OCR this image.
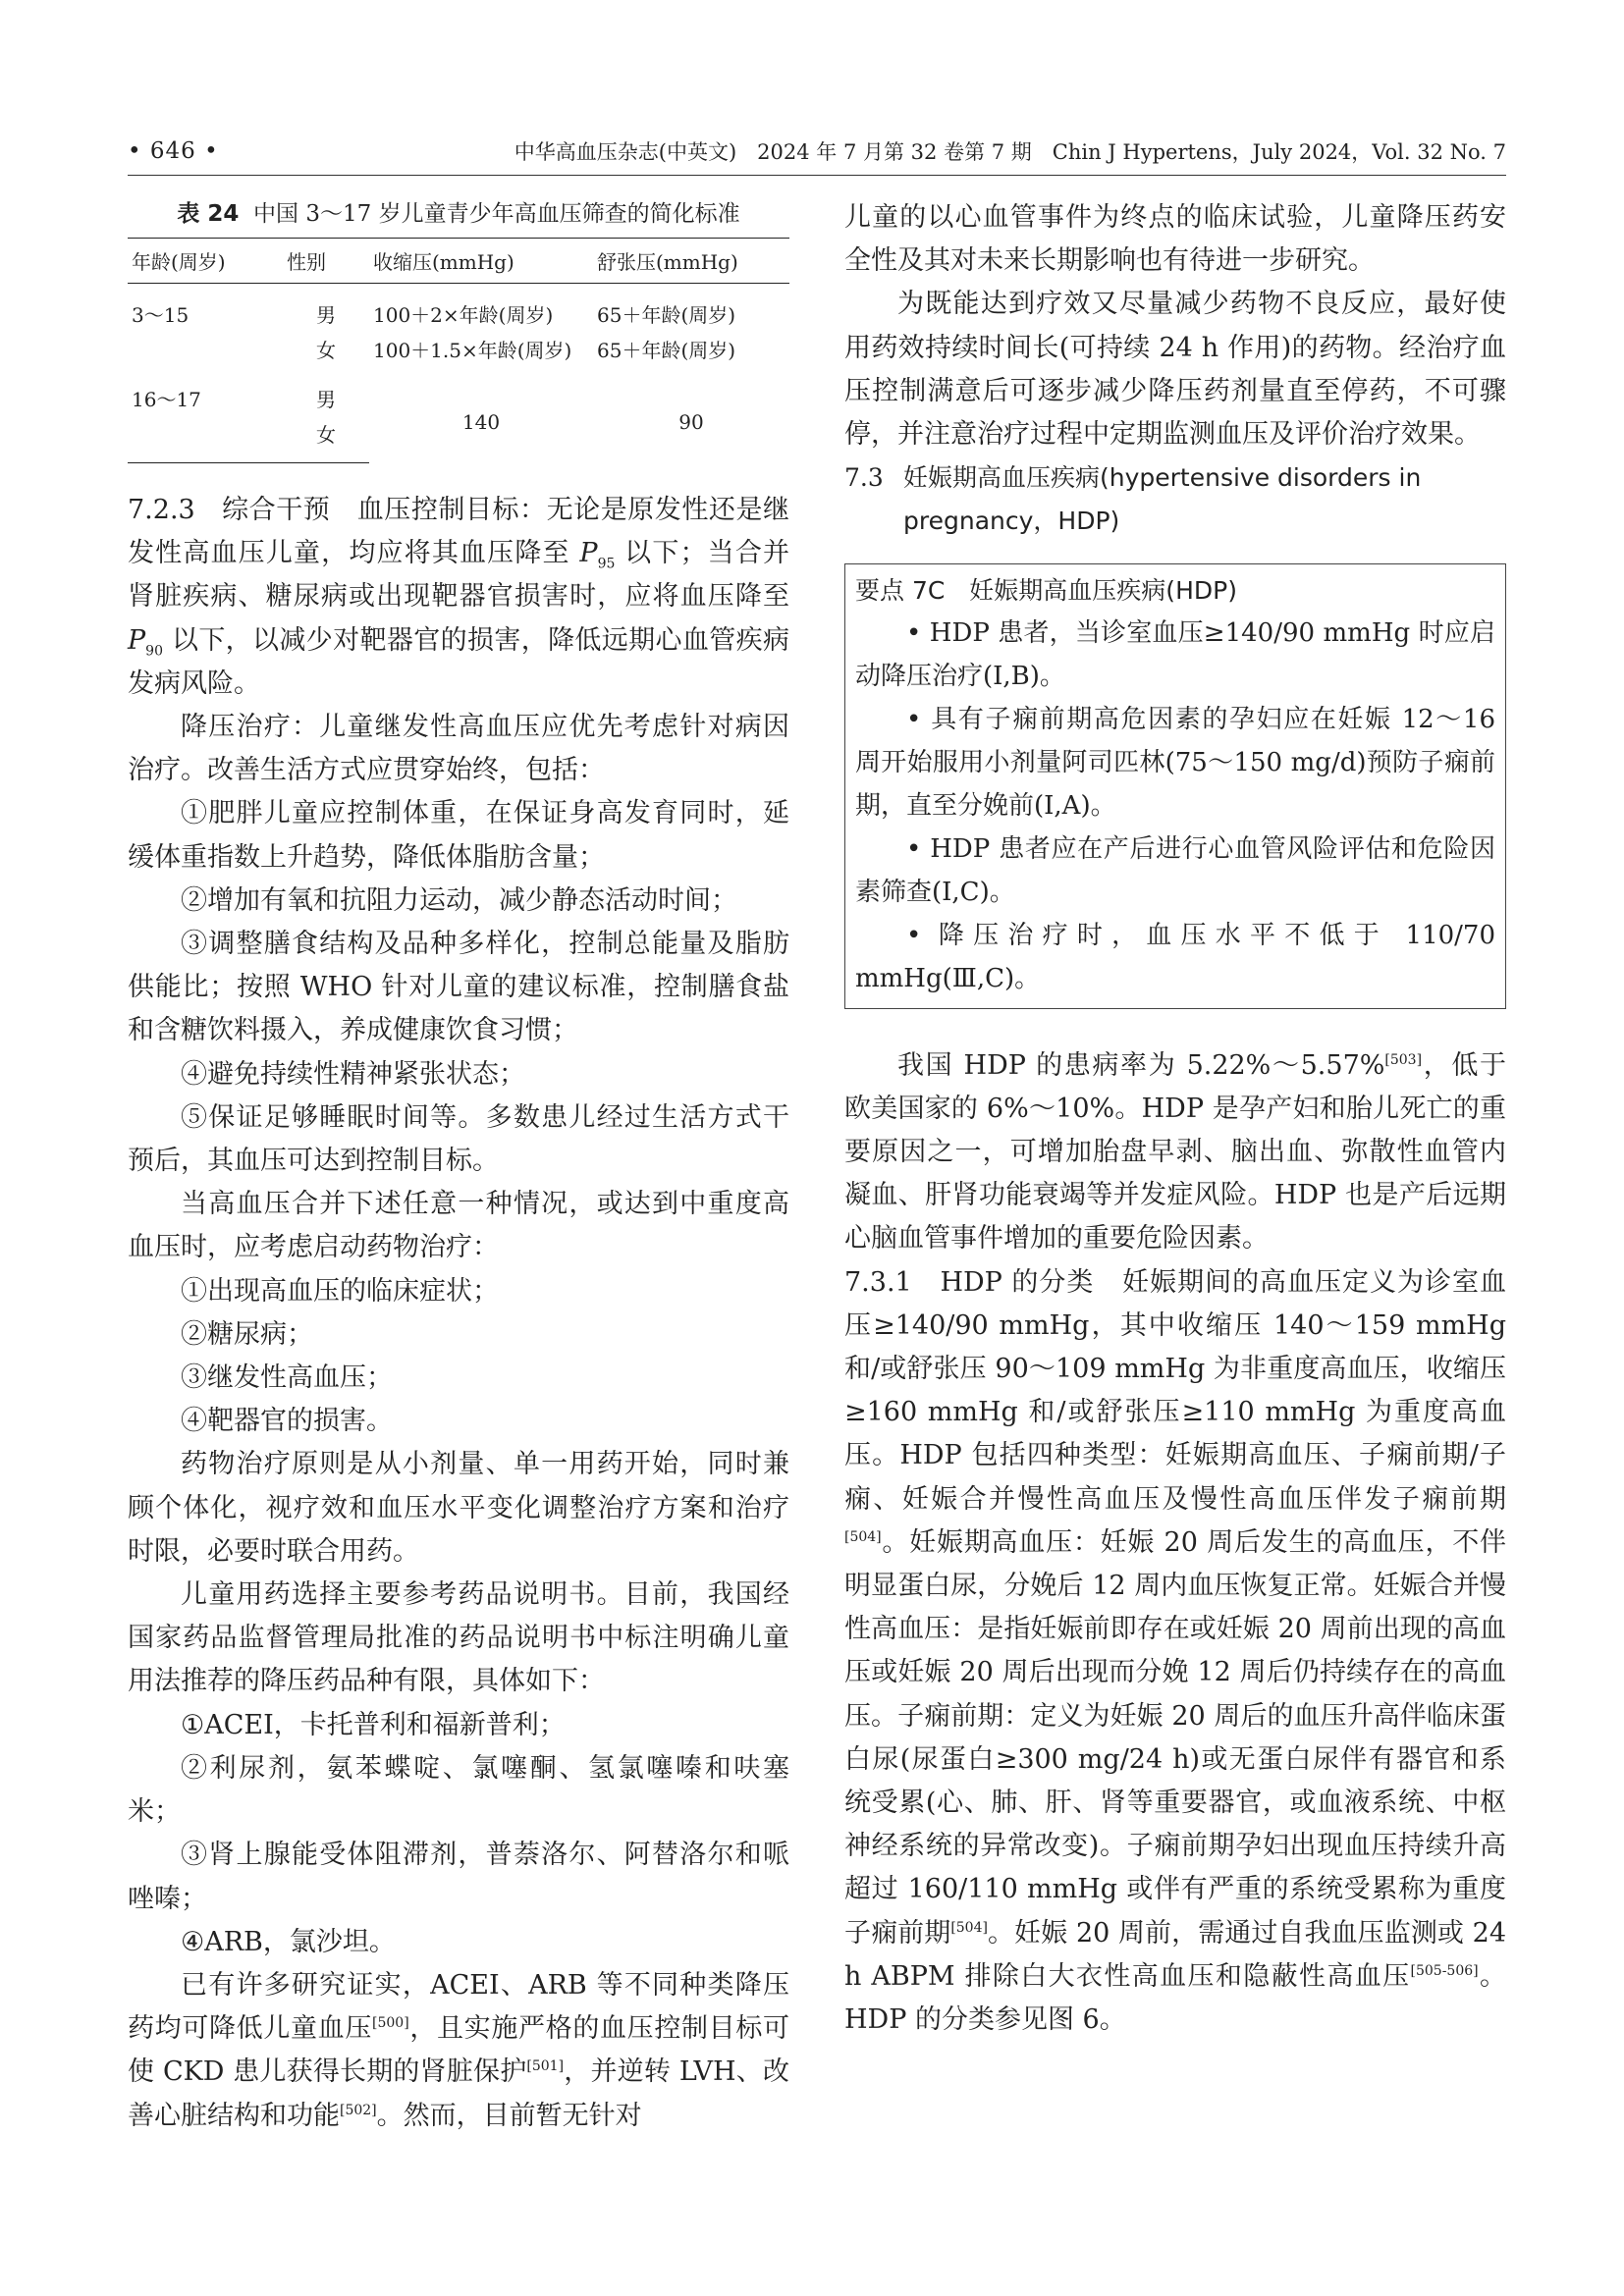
• 646 •	中华高血压杂志(中英文)　2024 年 7 月第 32 卷第 7 期　Chin J Hypertens，July 2024，Vol. 32 No. 7
表 24 中国 3～17 岁儿童青少年高血压筛查的简化标准
年龄(周岁)	性别	收缩压(mmHg)	舒张压(mmHg)
3～15	男	100＋2×年龄(周岁)	65＋年龄(周岁)
	女	100＋1.5×年龄(周岁)	65＋年龄(周岁)
16～17	男	140	90
	女		

7.2.3 综合干预 血压控制目标：无论是原发性还是继发性高血压儿童，均应将其血压降至 $P_{95}$ 以下；当合并肾脏疾病、糖尿病或出现靶器官损害时，应将血压降至 $P_{90}$ 以下，以减少对靶器官的损害，降低远期心血管疾病发病风险。

降压治疗：儿童继发性高血压应优先考虑针对病因治疗。改善生活方式应贯穿始终，包括：

①肥胖儿童应控制体重，在保证身高发育同时，延缓体重指数上升趋势，降低体脂肪含量；

②增加有氧和抗阻力运动，减少静态活动时间；

③调整膳食结构及品种多样化，控制总能量及脂肪供能比；按照 WHO 针对儿童的建议标准，控制膳食盐和含糖饮料摄入，养成健康饮食习惯；

④避免持续性精神紧张状态；

⑤保证足够睡眠时间等。多数患儿经过生活方式干预后，其血压可达到控制目标。

当高血压合并下述任意一种情况，或达到中重度高血压时，应考虑启动药物治疗：

①出现高血压的临床症状；

②糖尿病；

③继发性高血压；

④靶器官的损害。

药物治疗原则是从小剂量、单一用药开始，同时兼顾个体化，视疗效和血压水平变化调整治疗方案和治疗时限，必要时联合用药。

儿童用药选择主要参考药品说明书。目前，我国经国家药品监督管理局批准的药品说明书中标注明确儿童用法推荐的降压药品种有限，具体如下：

①ACEI，卡托普利和福新普利；

②利尿剂，氨苯蝶啶、氯噻酮、氢氯噻嗪和呋塞米；

③肾上腺能受体阻滞剂，普萘洛尔、阿替洛尔和哌唑嗪；

④ARB，氯沙坦。

已有许多研究证实，ACEI、ARB 等不同种类降压药均可降低儿童血压[500]，且实施严格的血压控制目标可使 CKD 患儿获得长期的肾脏保护[501]，并逆转 LVH、改善心脏结构和功能[502]。然而，目前暂无针对

儿童的以心血管事件为终点的临床试验，儿童降压药安全性及其对未来长期影响也有待进一步研究。

为既能达到疗效又尽量减少药物不良反应，最好使用药效持续时间长(可持续 24 h 作用)的药物。经治疗血压控制满意后可逐步减少降压药剂量直至停药，不可骤停，并注意治疗过程中定期监测血压及评价治疗效果。

7.3 妊娠期高血压疾病(hypertensive disorders in pregnancy，HDP)
要点 7C　妊娠期高血压疾病(HDP)

• HDP 患者，当诊室血压≥140/90 mmHg 时应启动降压治疗(Ⅰ,B)。

• 具有子痫前期高危因素的孕妇应在妊娠 12～16 周开始服用小剂量阿司匹林(75～150 mg/d)预防子痫前期，直至分娩前(Ⅰ,A)。

• HDP 患者应在产后进行心血管风险评估和危险因素筛查(Ⅰ,C)。

• 降压治疗时，血压水平不低于 110/70 mmHg(Ⅲ,C)。

我国 HDP 的患病率为 5.22%～5.57%[503]，低于欧美国家的 6%～10%。HDP 是孕产妇和胎儿死亡的重要原因之一，可增加胎盘早剥、脑出血、弥散性血管内凝血、肝肾功能衰竭等并发症风险。HDP 也是产后远期心脑血管事件增加的重要危险因素。

7.3.1 HDP 的分类 妊娠期间的高血压定义为诊室血压≥140/90 mmHg，其中收缩压 140～159 mmHg 和/或舒张压 90～109 mmHg 为非重度高血压，收缩压≥160 mmHg 和/或舒张压≥110 mmHg 为重度高血压。HDP 包括四种类型：妊娠期高血压、子痫前期/子痫、妊娠合并慢性高血压及慢性高血压伴发子痫前期[504]。妊娠期高血压：妊娠 20 周后发生的高血压，不伴明显蛋白尿，分娩后 12 周内血压恢复正常。妊娠合并慢性高血压：是指妊娠前即存在或妊娠 20 周前出现的高血压或妊娠 20 周后出现而分娩 12 周后仍持续存在的高血压。子痫前期：定义为妊娠 20 周后的血压升高伴临床蛋白尿(尿蛋白≥300 mg/24 h)或无蛋白尿伴有器官和系统受累(心、肺、肝、肾等重要器官，或血液系统、中枢神经系统的异常改变)。子痫前期孕妇出现血压持续升高超过 160/110 mmHg 或伴有严重的系统受累称为重度子痫前期[504]。妊娠 20 周前，需通过自我血压监测或 24 h ABPM 排除白大衣性高血压和隐蔽性高血压[505-506]。HDP 的分类参见图 6。
